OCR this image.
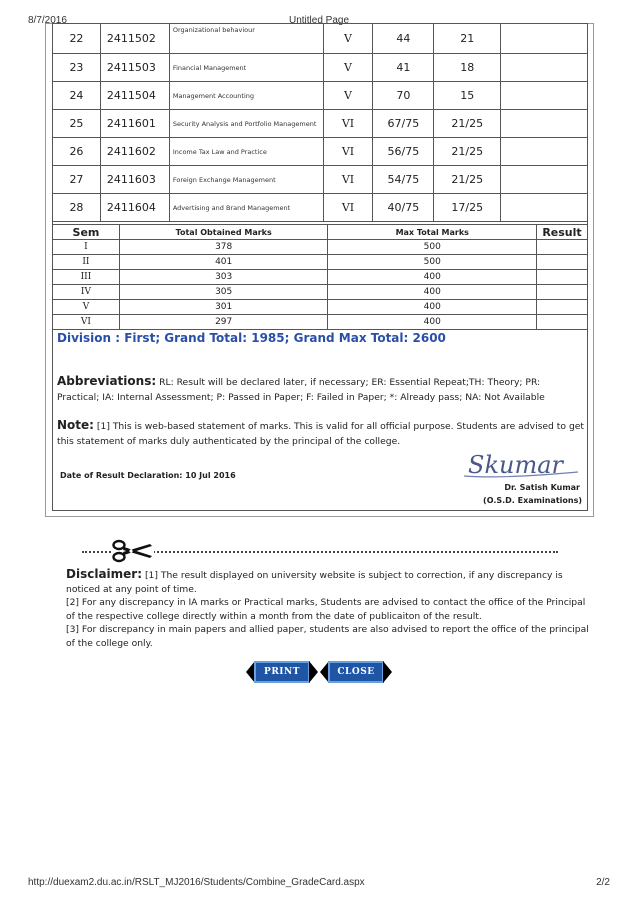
8/7/2016	Untitled Page
22	2411502	Organizational behaviour	V	44	21	
23	2411503	Financial Management	V	41	18	
24	2411504	Management Accounting	V	70	15	
25	2411601	Security Analysis and Portfolio Management	VI	67/75	21/25	
26	2411602	Income Tax Law and Practice	VI	56/75	21/25	
27	2411603	Foreign Exchange Management	VI	54/75	21/25	
28	2411604	Advertising and Brand Management	VI	40/75	17/25	
Sem	Total Obtained Marks	Max Total Marks	Result
I	378	500	
II	401	500	
III	303	400	
IV	305	400	
V	301	400	
VI	297	400	
Division : First; Grand Total: 1985; Grand Max Total: 2600
Abbreviations: RL: Result will be declared later, if necessary; ER: Essential Repeat;TH: Theory; PR: Practical; IA: Internal Assessment; P: Passed in Paper; F: Failed in Paper; *: Already pass; NA: Not Available
Note: [1] This is web-based statement of marks. This is valid for all official purpose. Students are advised to get this statement of marks duly authenticated by the principal of the college.
Date of Result Declaration: 10 Jul 2016	Skumar
Dr. Satish Kumar
(O.S.D. Examinations)
Disclaimer: [1] The result displayed on university website is subject to correction, if any discrepancy is noticed at any point of time.
[2] For any discrepancy in IA marks or Practical marks, Students are advised to contact the office of the Principal of the respective college directly within a month from the date of publicaiton of the result.
[3] For discrepancy in main papers and allied paper, students are also advised to report the office of the principal of the college only.
PRINT	CLOSE
http://duexam2.du.ac.in/RSLT_MJ2016/Students/Combine_GradeCard.aspx	2/2
